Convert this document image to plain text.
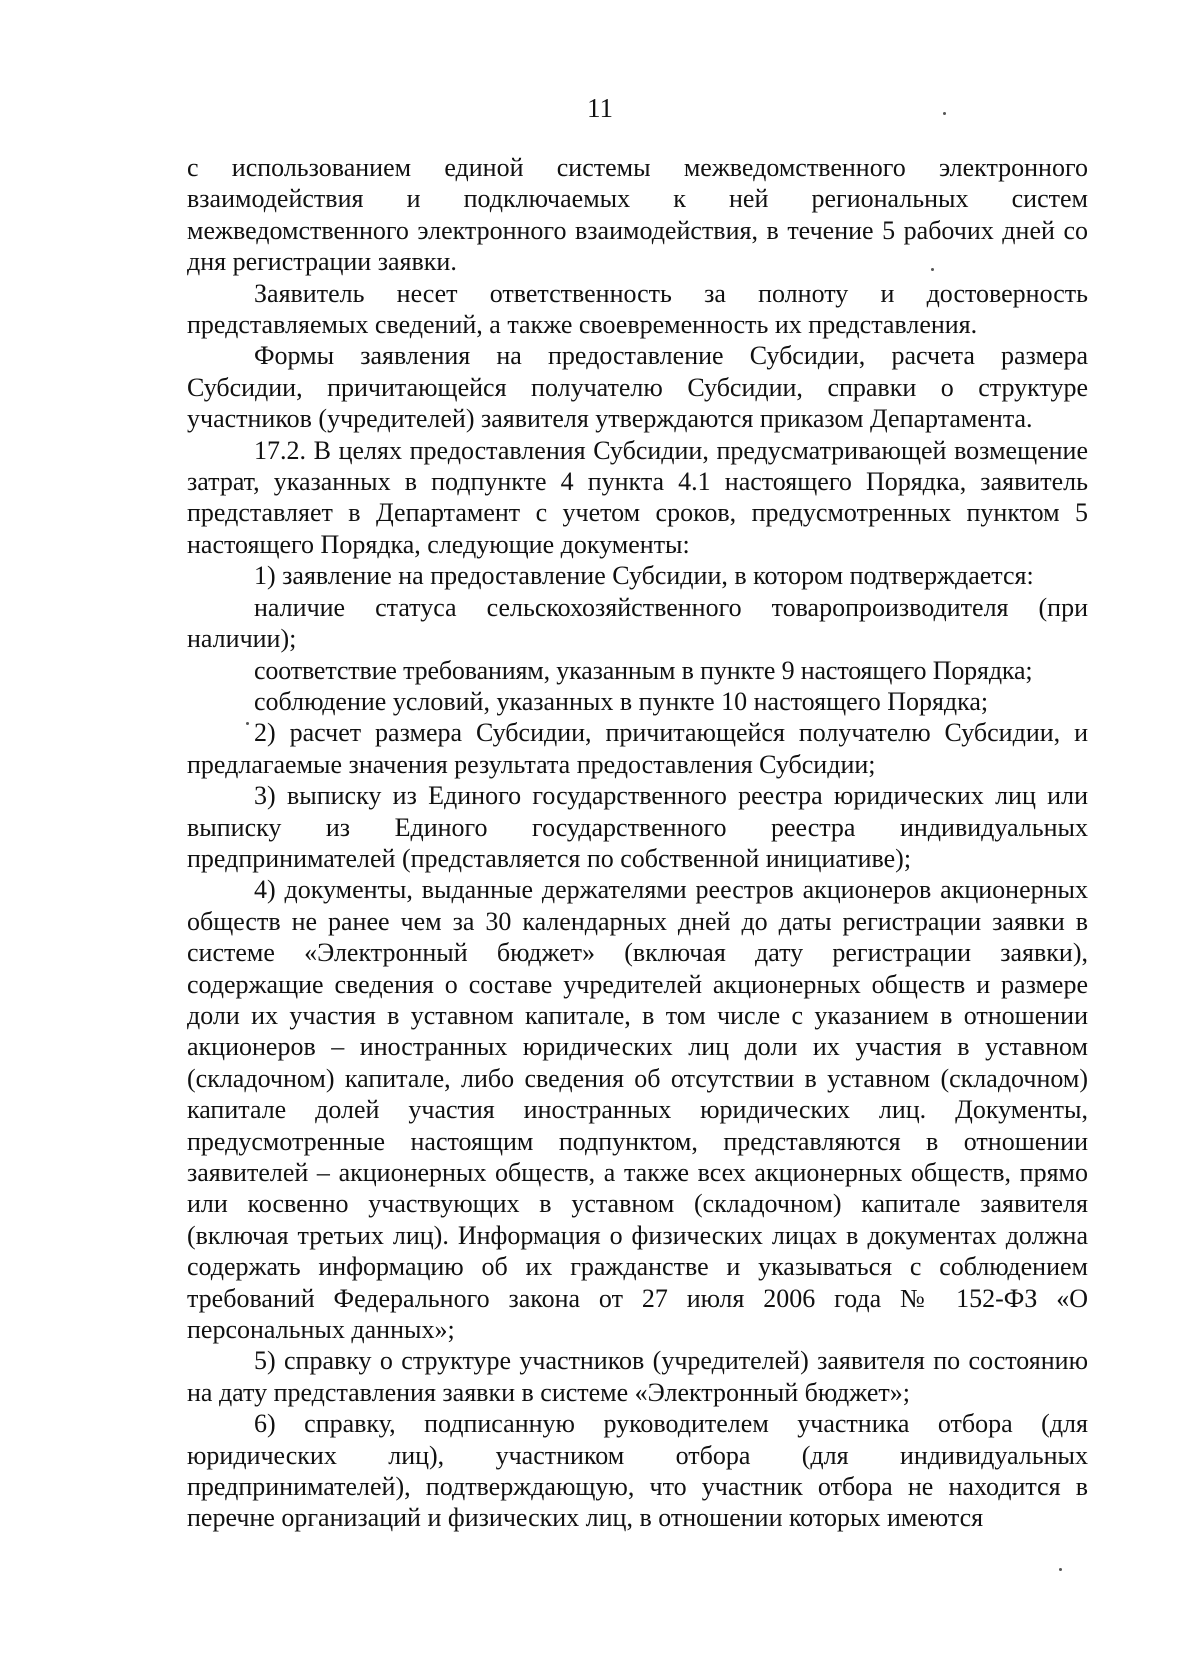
11

с использованием единой системы межведомственного электронного взаимодействия и подключаемых к ней региональных систем межведомственного электронного взаимодействия, в течение 5 рабочих дней со дня регистрации заявки.

Заявитель несет ответственность за полноту и достоверность представляемых сведений, а также своевременность их представления.

Формы заявления на предоставление Субсидии, расчета размера Субсидии, причитающейся получателю Субсидии, справки о структуре участников (учредителей) заявителя утверждаются приказом Департамента.

17.2. В целях предоставления Субсидии, предусматривающей возмещение затрат, указанных в подпункте 4 пункта 4.1 настоящего Порядка, заявитель представляет в Департамент с учетом сроков, предусмотренных пунктом 5 настоящего Порядка, следующие документы:

1) заявление на предоставление Субсидии, в котором подтверждается:

наличие статуса сельскохозяйственного товаропроизводителя (при наличии);

соответствие требованиям, указанным в пункте 9 настоящего Порядка;

соблюдение условий, указанных в пункте 10 настоящего Порядка;

2) расчет размера Субсидии, причитающейся получателю Субсидии, и предлагаемые значения результата предоставления Субсидии;

3) выписку из Единого государственного реестра юридических лиц или выписку из Единого государственного реестра индивидуальных предпринимателей (представляется по собственной инициативе);

4) документы, выданные держателями реестров акционеров акционерных обществ не ранее чем за 30 календарных дней до даты регистрации заявки в системе «Электронный бюджет» (включая дату регистрации заявки), содержащие сведения о составе учредителей акционерных обществ и размере доли их участия в уставном капитале, в том числе с указанием в отношении акционеров – иностранных юридических лиц доли их участия в уставном (складочном) капитале, либо сведения об отсутствии в уставном (складочном) капитале долей участия иностранных юридических лиц. Документы, предусмотренные настоящим подпунктом, представляются в отношении заявителей – акционерных обществ, а также всех акционерных обществ, прямо или косвенно участвующих в уставном (складочном) капитале заявителя (включая третьих лиц). Информация о физических лицах в документах должна содержать информацию об их гражданстве и указываться с соблюдением требований Федерального закона от 27 июля 2006 года № 152-ФЗ «О персональных данных»;

5) справку о структуре участников (учредителей) заявителя по состоянию на дату представления заявки в системе «Электронный бюджет»;

6) справку, подписанную руководителем участника отбора (для юридических лиц), участником отбора (для индивидуальных предпринимателей), подтверждающую, что участник отбора не находится в перечне организаций и физических лиц, в отношении которых имеются
